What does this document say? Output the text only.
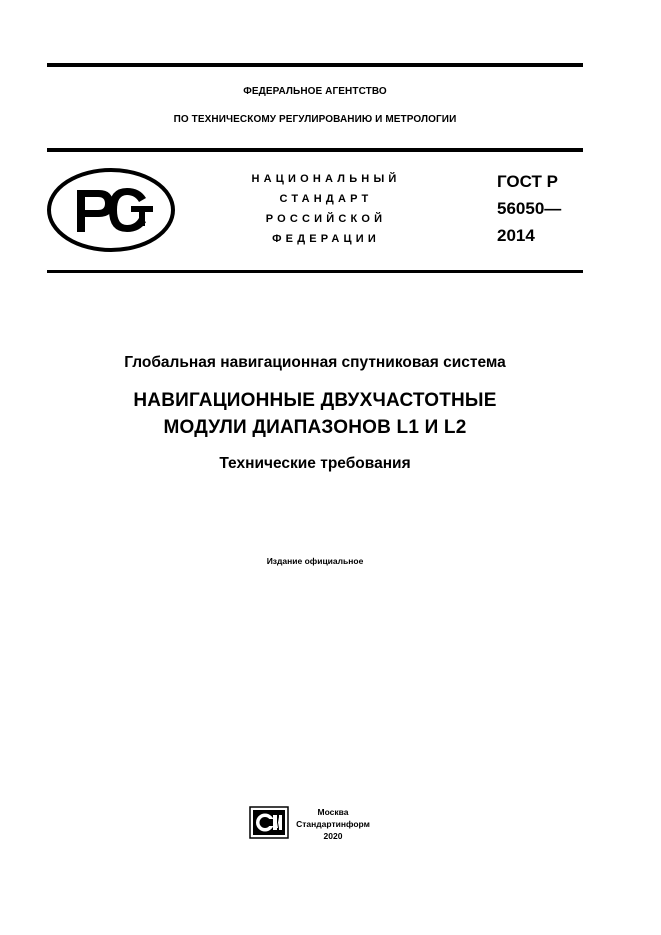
ФЕДЕРАЛЬНОЕ АГЕНТСТВО
ПО ТЕХНИЧЕСКОМУ РЕГУЛИРОВАНИЮ И МЕТРОЛОГИИ
НАЦИОНАЛЬНЫЙ
СТАНДАРТ
РОССИЙСКОЙ
ФЕДЕРАЦИИ
ГОСТ Р
56050—
2014
Глобальная навигационная спутниковая система
НАВИГАЦИОННЫЕ ДВУХЧАСТОТНЫЕ
МОДУЛИ ДИАПАЗОНОВ L1 И L2
Технические требования
Издание официальное
Москва
Стандартинформ
2020
